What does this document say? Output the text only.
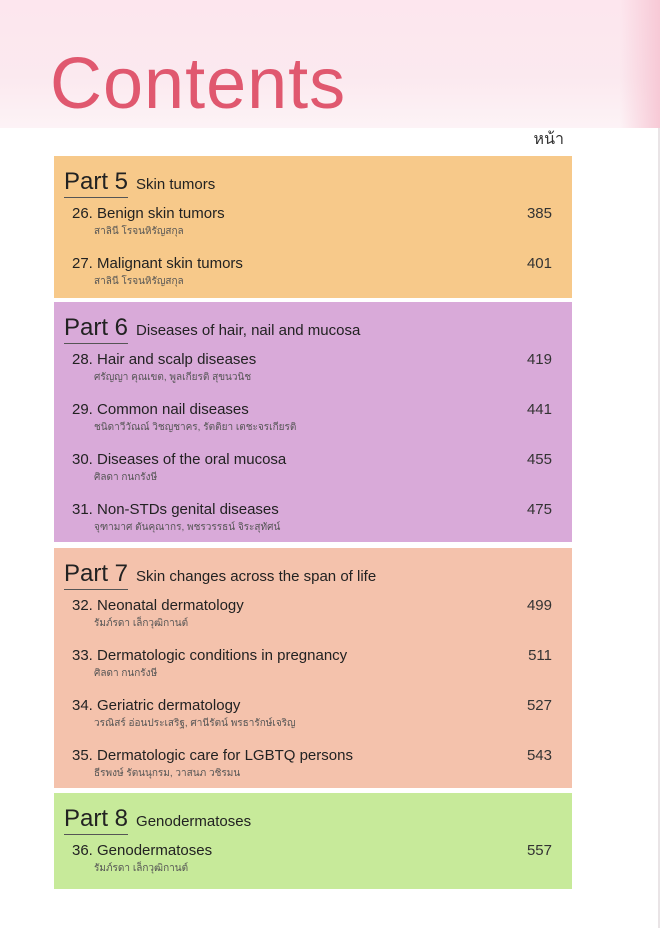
Contents
หน้า
Part 5 Skin tumors
26. Benign skin tumors	385
สาลินี โรจนหิรัญสกุล
27. Malignant skin tumors	401
สาลินี โรจนหิรัญสกุล
Part 6 Diseases of hair, nail and mucosa
28. Hair and scalp diseases	419
ศรัญญา คุณเขต, พูลเกียรติ สุขนวนิช
29. Common nail diseases	441
ชนิดาวีวัณณ์ วิชญชาคร, รัตติยา เตชะจรเกียรติ
30. Diseases of the oral mucosa	455
ศิลดา กนกรังษี
31. Non-STDs genital diseases	475
จุฑามาศ ตันคุณากร, พชรวรรธน์ จิระสุทัศน์
Part 7 Skin changes across the span of life
32. Neonatal dermatology	499
รัมภ์รดา เล็กวุฒิกานต์
33. Dermatologic conditions in pregnancy	511
ศิลดา กนกรังษี
34. Geriatric dermatology	527
วรณิสร์ อ่อนประเสริฐ, ศานีรัตน์ พรธารักษ์เจริญ
35. Dermatologic care for LGBTQ persons	543
ธีรพงษ์ รัตนนุกรม, วาสนภ วชิรมน
Part 8 Genodermatoses
36. Genodermatoses	557
รัมภ์รดา เล็กวุฒิกานต์
